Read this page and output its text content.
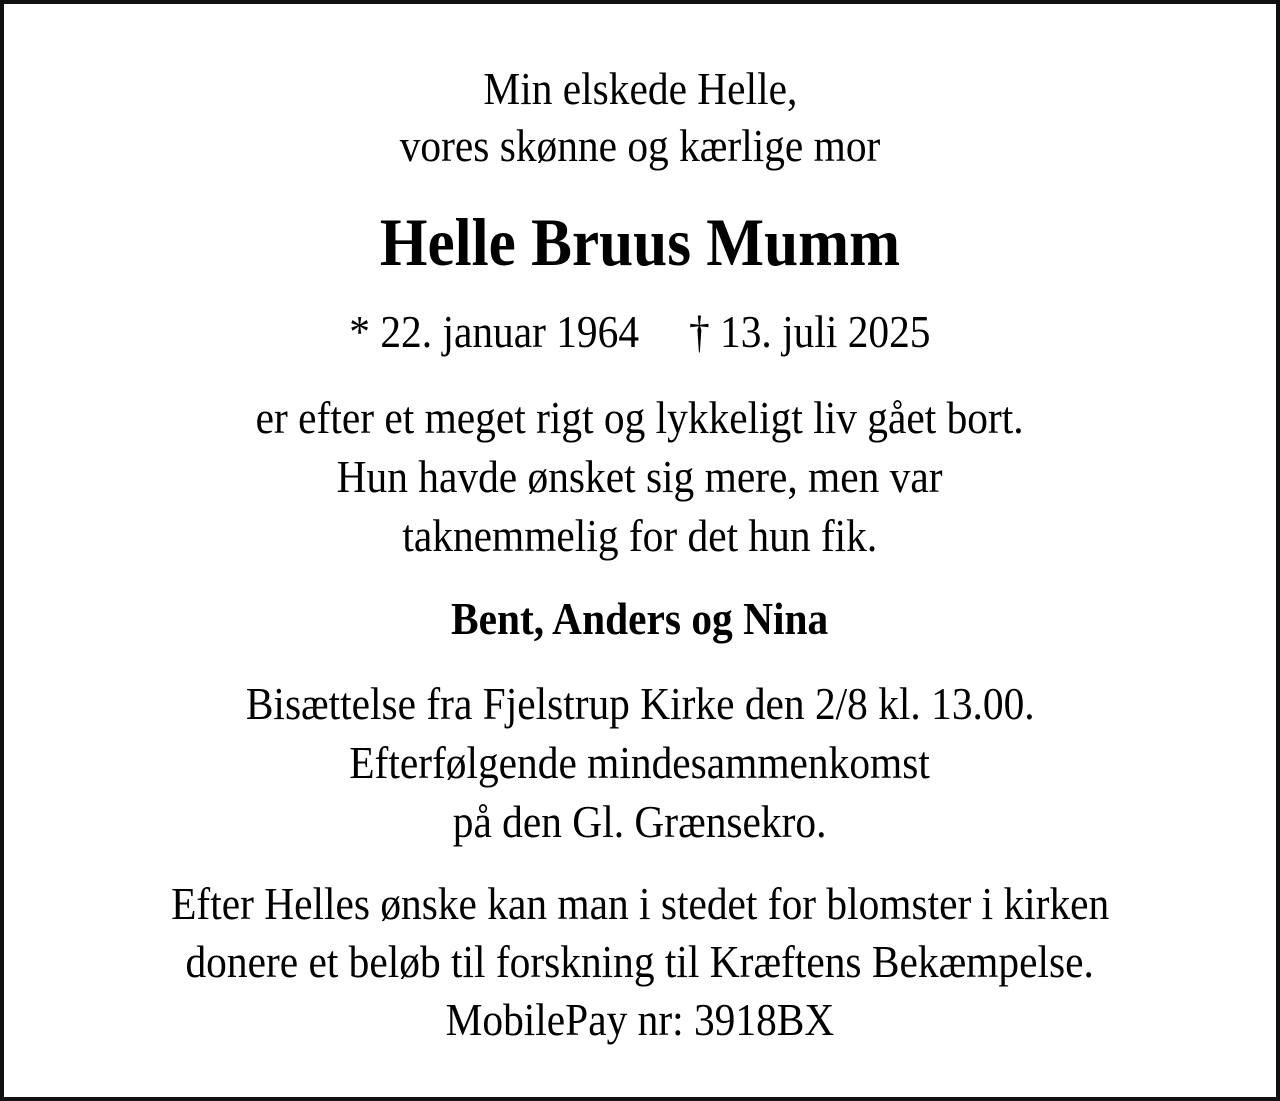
Min elskede Helle,
vores skønne og kærlige mor
Helle Bruus Mumm
* 22. januar 1964 † 13. juli 2025
er efter et meget rigt og lykkeligt liv gået bort.
Hun havde ønsket sig mere, men var
taknemmelig for det hun fik.
Bent, Anders og Nina
Bisættelse fra Fjelstrup Kirke den 2/8 kl. 13.00.
Efterfølgende mindesammenkomst
på den Gl. Grænsekro.
Efter Helles ønske kan man i stedet for blomster i kirken
donere et beløb til forskning til Kræftens Bekæmpelse.
MobilePay nr: 3918BX
